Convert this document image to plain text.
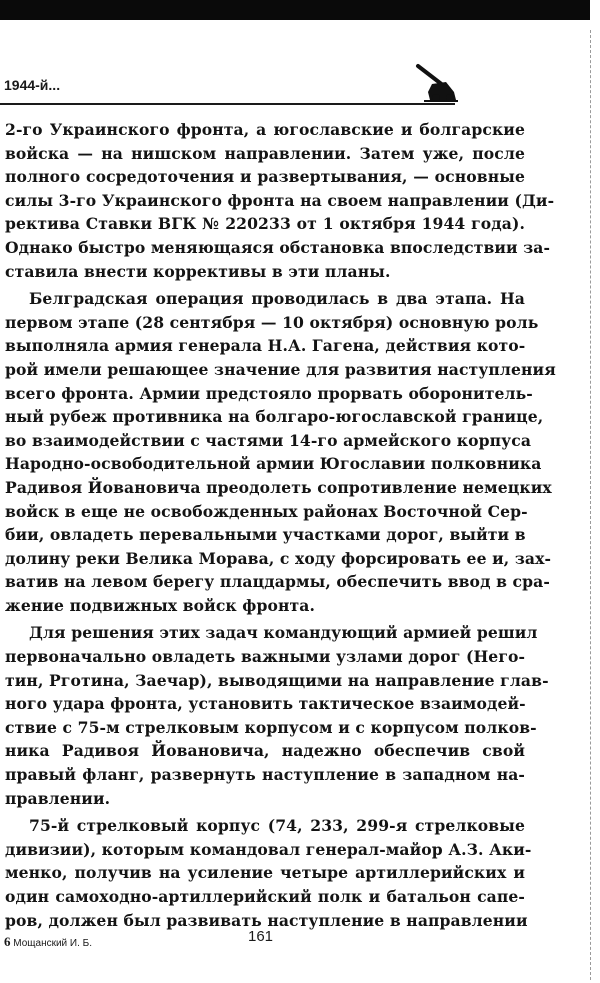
1944-й...
2-го Украинского фронта, а югославские и болгарские
войска — на нишском направлении. Затем уже, после
полного сосредоточения и развертывания, — основные
силы 3-го Украинского фронта на своем направлении (Ди-
ректива Ставки ВГК № 220233 от 1 октября 1944 года).
Однако быстро меняющаяся обстановка впоследствии за-
ставила внести коррективы в эти планы.
Белградская операция проводилась в два этапа. На
первом этапе (28 сентября — 10 октября) основную роль
выполняла армия генерала Н.А. Гагена, действия кото-
рой имели решающее значение для развития наступления
всего фронта. Армии предстояло прорвать оборонитель-
ный рубеж противника на болгаро-югославской границе,
во взаимодействии с частями 14-го армейского корпуса
Народно-освободительной армии Югославии полковника
Радивоя Йовановича преодолеть сопротивление немецких
войск в еще не освобожденных районах Восточной Сер-
бии, овладеть перевальными участками дорог, выйти в
долину реки Велика Морава, с ходу форсировать ее и, зах-
ватив на левом берегу плацдармы, обеспечить ввод в сра-
жение подвижных войск фронта.
Для решения этих задач командующий армией решил
первоначально овладеть важными узлами дорог (Него-
тин, Рготина, Заечар), выводящими на направление глав-
ного удара фронта, установить тактическое взаимодей-
ствие с 75-м стрелковым корпусом и с корпусом полков-
ника Радивоя Йовановича, надежно обеспечив свой
правый фланг, развернуть наступление в западном на-
правлении.
75-й стрелковый корпус (74, 233, 299-я стрелковые
дивизии), которым командовал генерал-майор А.З. Аки-
менко, получив на усиление четыре артиллерийских и
один самоходно-артиллерийский полк и батальон сапе-
ров, должен был развивать наступление в направлении
6 Мощанский И. Б.	161
